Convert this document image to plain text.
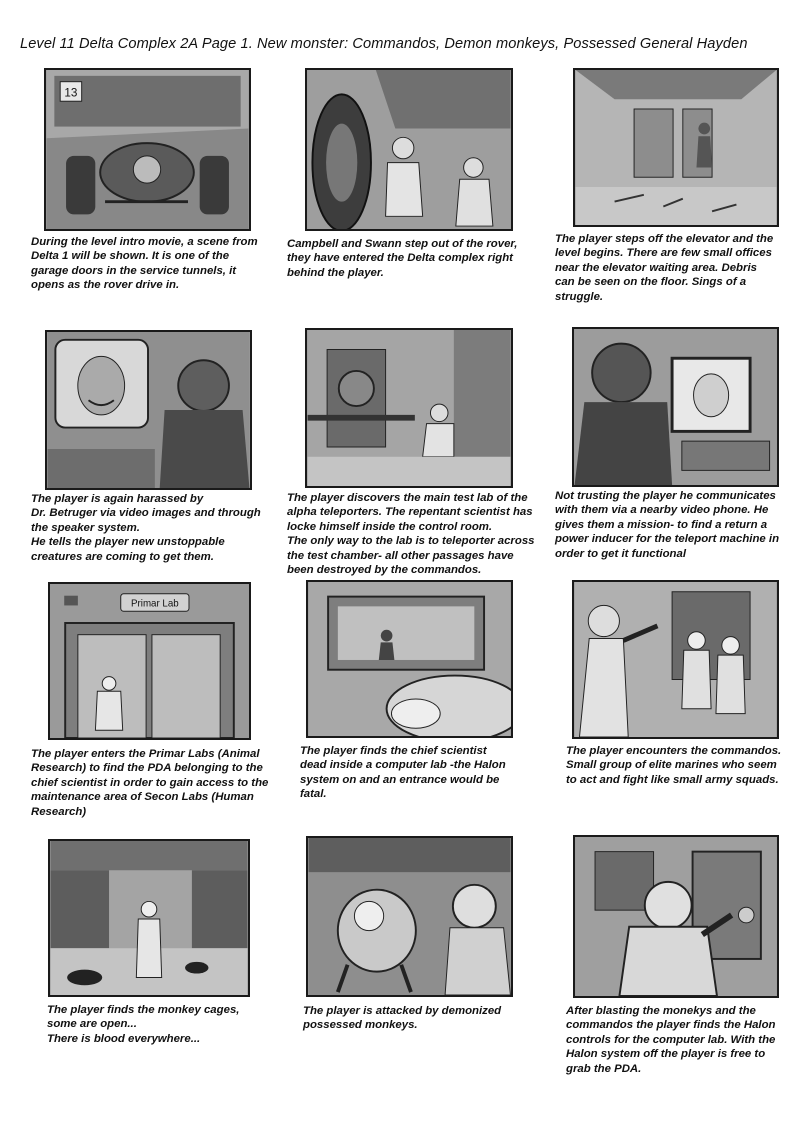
Level 11 Delta Complex 2A Page 1. New monster: Commandos, Demon monkeys, Possessed General Hayden
13
During the level intro movie, a scene from
Delta 1 will be shown. It is one of the
garage doors in the service tunnels, it
opens as the rover drive in.
Campbell and Swann step out of the rover,
they have entered the Delta complex right
behind the player.
The player steps off the elevator and the
level begins. There are few small offices
near the elevator waiting area. Debris
can be seen on the floor. Sings of a
struggle.
The player is again harassed by
Dr. Betruger via video images and through
the speaker system.
He tells the player new unstoppable
creatures are coming to get them.
The player discovers the main test lab of the
alpha teleporters. The repentant scientist has
locke himself inside the control room.
The only way to the lab is to teleporter across
the test chamber- all other passages have
been destroyed by the commandos.
Not trusting the player he communicates
with them via a nearby video phone. He
gives them a mission- to find a return a
power inducer for the teleport machine in
order to get it functional
Primar Lab
The player enters the Primar Labs (Animal
Research) to find the PDA belonging to the
chief scientist in order to gain access to the
maintenance area of Secon Labs (Human
Research)
The player finds the chief scientist
dead inside a computer lab -the Halon
system on and an entrance would be
fatal.
The player encounters the commandos.
Small group of elite marines who seem
to act and fight like small army squads.
The player finds the monkey cages,
some are open...
There is blood everywhere...
The player is attacked by demonized
possessed monkeys.
After blasting the monekys and the
commandos the player finds the Halon
controls for the computer lab. With the
Halon system off the player is free to
grab the PDA.
